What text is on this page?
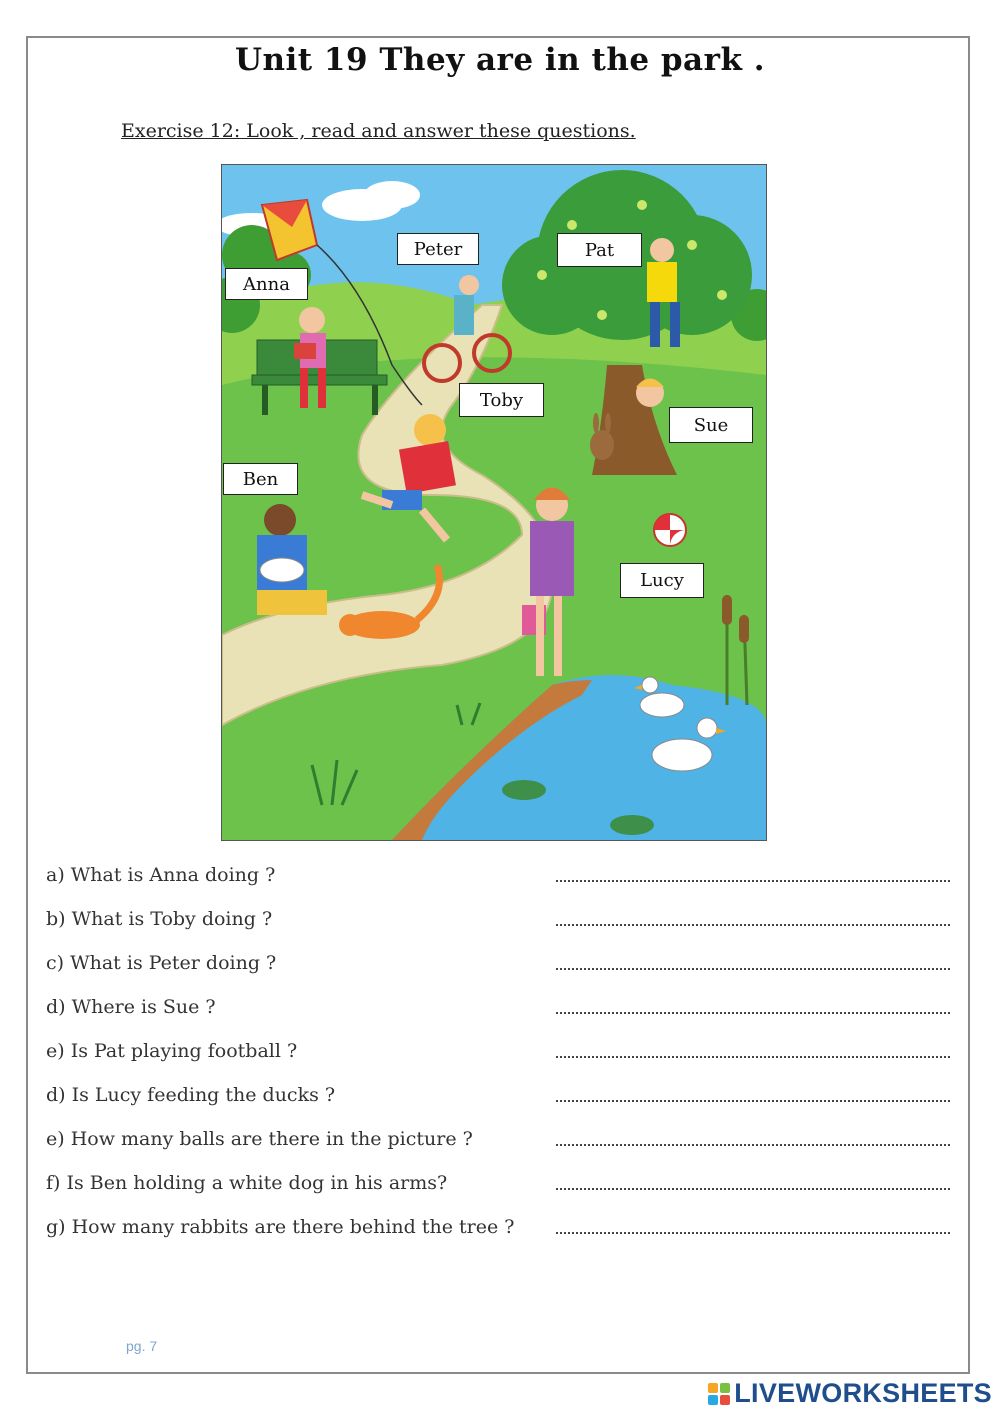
Unit 19 They are in the park .
Exercise 12: Look , read and answer these questions.
Anna
Peter	Pat
Toby
Sue
Ben
Lucy
a) What is Anna doing ?
b) What is Toby doing ?
c) What is Peter doing ?
d) Where is Sue ?
e) Is Pat playing football ?
d) Is Lucy feeding the ducks ?
e) How many balls are there in the picture ?
f) Is Ben holding a white dog in his arms?
g) How many rabbits are there behind the tree ?
pg. 7
LIVEWORKSHEETS
